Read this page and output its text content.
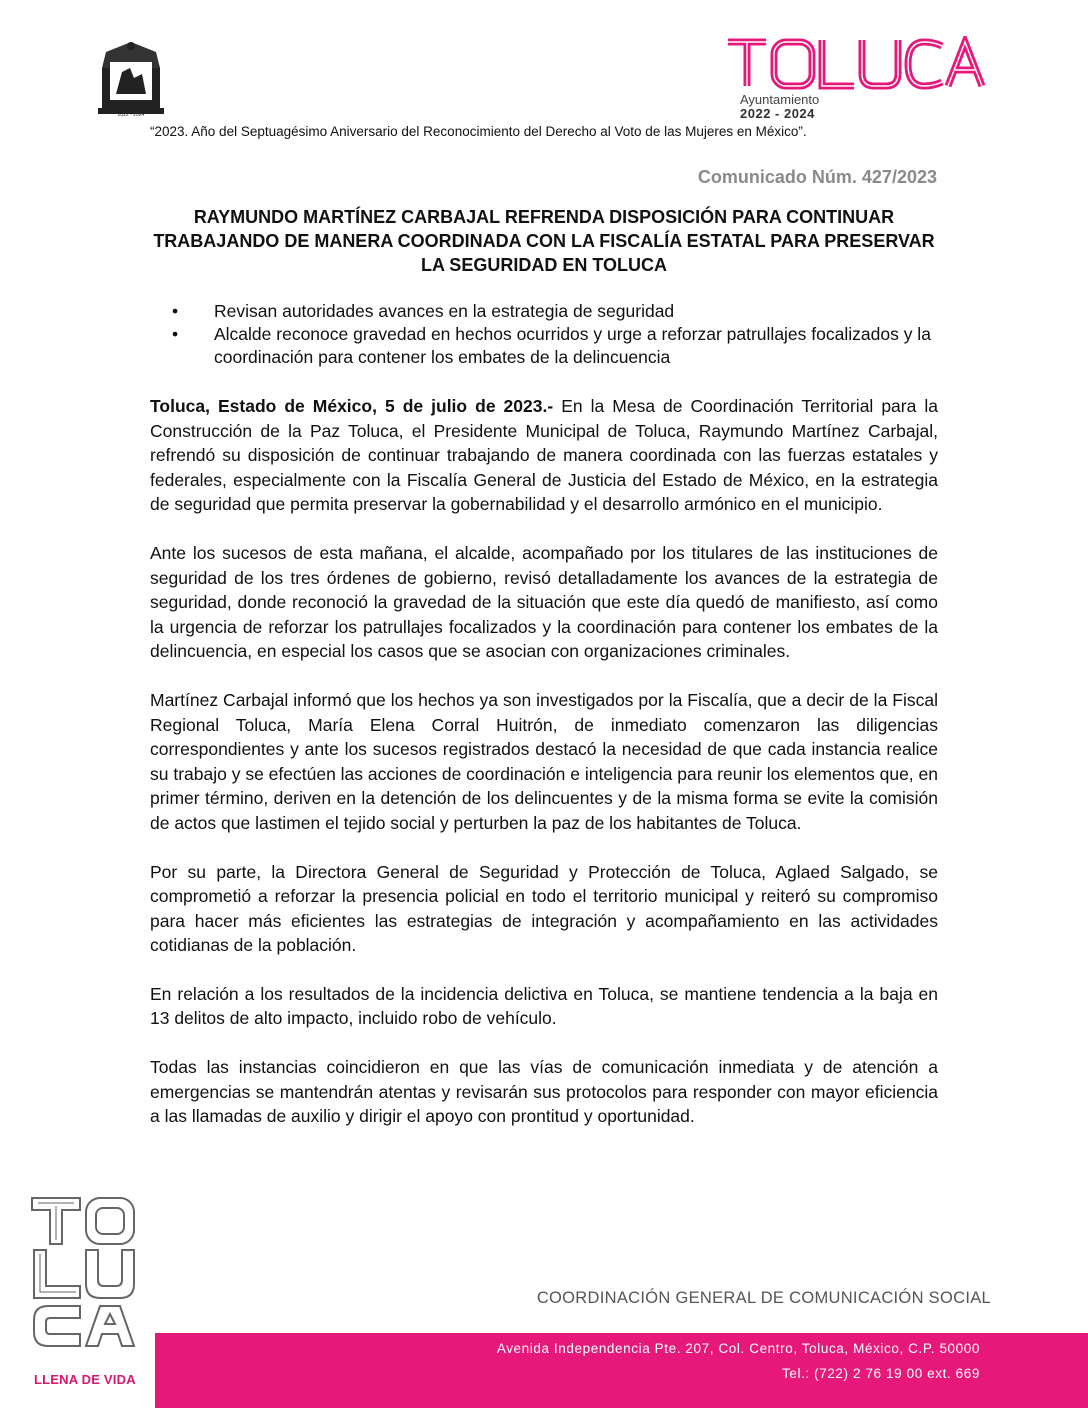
Ayuntamiento de Toluca
2022 - 2024
Ayuntamiento
2022 - 2024
“2023. Año del Septuagésimo Aniversario del Reconocimiento del Derecho al Voto de las Mujeres en México”.
Comunicado Núm. 427/2023
RAYMUNDO MARTÍNEZ CARBAJAL REFRENDA DISPOSICIÓN PARA CONTINUAR TRABAJANDO DE MANERA COORDINADA CON LA FISCALÍA ESTATAL PARA PRESERVAR LA SEGURIDAD EN TOLUCA
• Revisan autoridades avances en la estrategia de seguridad
• Alcalde reconoce gravedad en hechos ocurridos y urge a reforzar patrullajes focalizados y la coordinación para contener los embates de la delincuencia

Toluca, Estado de México, 5 de julio de 2023.- En la Mesa de Coordinación Territorial para la Construcción de la Paz Toluca, el Presidente Municipal de Toluca, Raymundo Martínez Carbajal, refrendó su disposición de continuar trabajando de manera coordinada con las fuerzas estatales y federales, especialmente con la Fiscalía General de Justicia del Estado de México, en la estrategia de seguridad que permita preservar la gobernabilidad y el desarrollo armónico en el municipio.

Ante los sucesos de esta mañana, el alcalde, acompañado por los titulares de las instituciones de seguridad de los tres órdenes de gobierno, revisó detalladamente los avances de la estrategia de seguridad, donde reconoció la gravedad de la situación que este día quedó de manifiesto, así como la urgencia de reforzar los patrullajes focalizados y la coordinación para contener los embates de la delincuencia, en especial los casos que se asocian con organizaciones criminales.

Martínez Carbajal informó que los hechos ya son investigados por la Fiscalía, que a decir de la Fiscal Regional Toluca, María Elena Corral Huitrón, de inmediato comenzaron las diligencias correspondientes y ante los sucesos registrados destacó la necesidad de que cada instancia realice su trabajo y se efectúen las acciones de coordinación e inteligencia para reunir los elementos que, en primer término, deriven en la detención de los delincuentes y de la misma forma se evite la comisión de actos que lastimen el tejido social y perturben la paz de los habitantes de Toluca.

Por su parte, la Directora General de Seguridad y Protección de Toluca, Aglaed Salgado, se comprometió a reforzar la presencia policial en todo el territorio municipal y reiteró su compromiso para hacer más eficientes las estrategias de integración y acompañamiento en las actividades cotidianas de la población.

En relación a los resultados de la incidencia delictiva en Toluca, se mantiene tendencia a la baja en 13 delitos de alto impacto, incluido robo de vehículo.

Todas las instancias coincidieron en que las vías de comunicación inmediata y de atención a emergencias se mantendrán atentas y revisarán sus protocolos para responder con mayor eficiencia a las llamadas de auxilio y dirigir el apoyo con prontitud y oportunidad.

LLENA DE VIDA
COORDINACIÓN GENERAL DE COMUNICACIÓN SOCIAL
Avenida Independencia Pte. 207, Col. Centro, Toluca, México, C.P. 50000
Tel.: (722) 2 76 19 00 ext. 669
